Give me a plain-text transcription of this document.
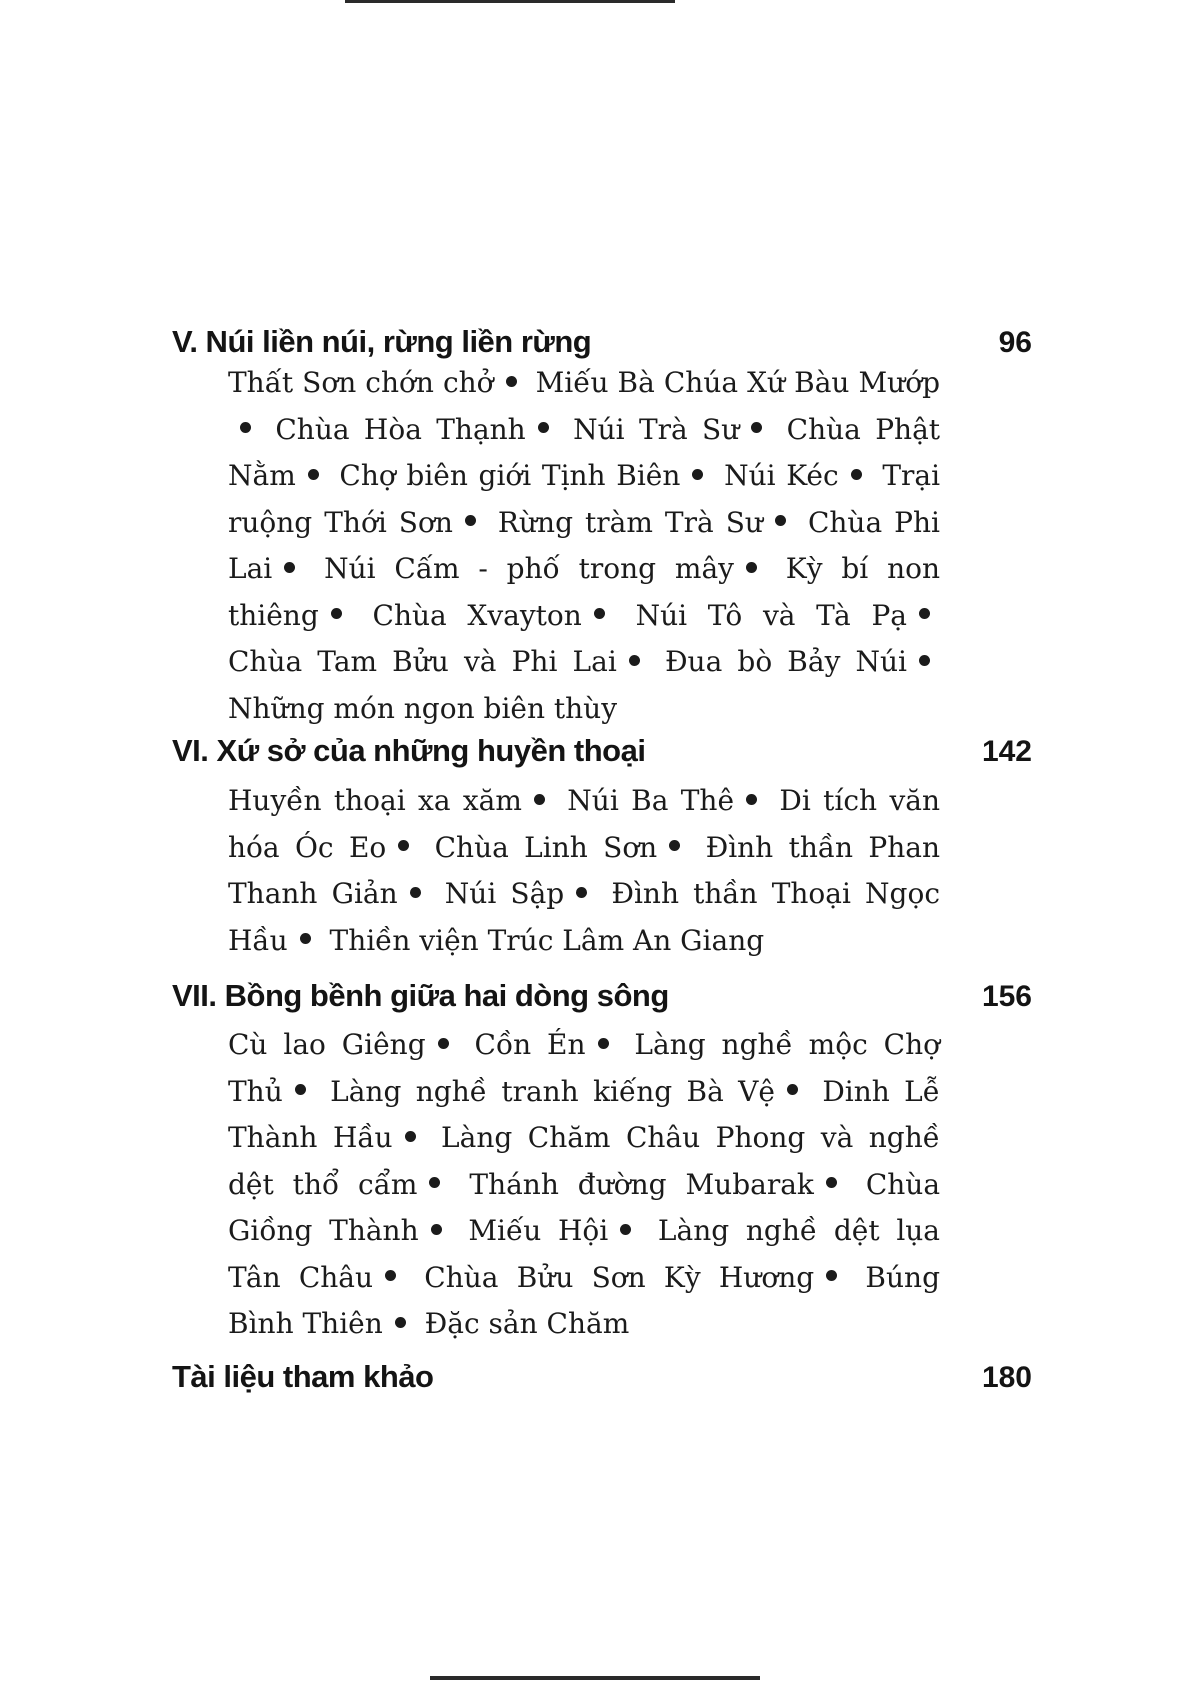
V. Núi liền núi, rừng liền rừng	96
Thất Sơn chớn chở Miếu Bà Chúa Xứ Bàu Mướp Chùa Hòa Thạnh Núi Trà Sư Chùa Phật Nằm Chợ biên giới Tịnh Biên Núi Kéc Trại ruộng Thới Sơn Rừng tràm Trà Sư Chùa Phi Lai Núi Cấm - phố trong mây Kỳ bí non thiêng Chùa Xvayton Núi Tô và Tà Pạ Chùa Tam Bửu và Phi Lai Đua bò Bảy Núi Những món ngon biên thùy
VI. Xứ sở của những huyền thoại	142
Huyền thoại xa xăm Núi Ba Thê Di tích văn hóa Óc Eo Chùa Linh Sơn Đình thần Phan Thanh Giản Núi Sập Đình thần Thoại Ngọc Hầu Thiền viện Trúc Lâm An Giang
VII. Bồng bềnh giữa hai dòng sông	156
Cù lao Giêng Cồn Én Làng nghề mộc Chợ Thủ Làng nghề tranh kiếng Bà Vệ Dinh Lễ Thành Hầu Làng Chăm Châu Phong và nghề dệt thổ cẩm Thánh đường Mubarak Chùa Giồng Thành Miếu Hội Làng nghề dệt lụa Tân Châu Chùa Bửu Sơn Kỳ Hương Búng Bình Thiên Đặc sản Chăm
Tài liệu tham khảo	180
